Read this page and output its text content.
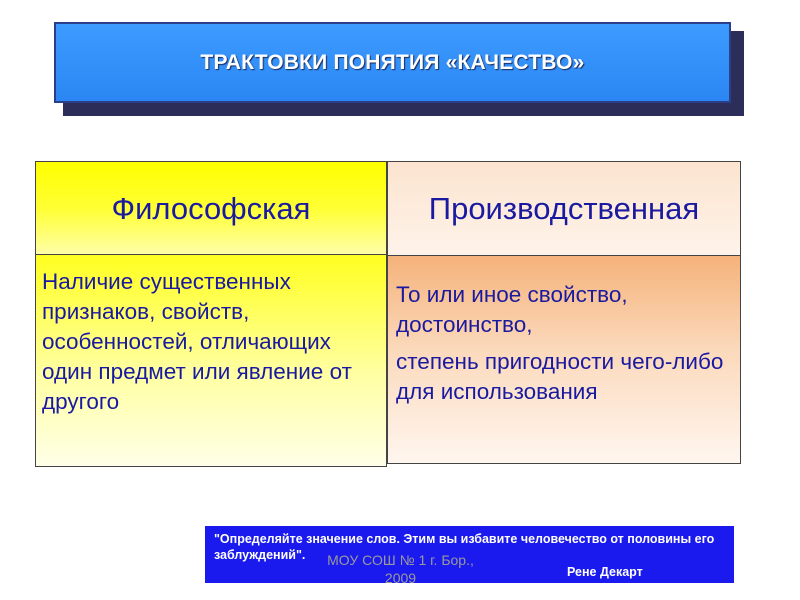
ТРАКТОВКИ ПОНЯТИЯ «КАЧЕСТВО»
Философская
Наличие существенных признаков, свойств, особенностей, отличающих один предмет или явление от другого
Производственная
То или иное свойство, достоинство,
степень пригодности чего-либо для использования
МОУ СОШ № 1 г. Бор.,
2009
"Определяйте значение слов. Этим вы избавите человечество от половины его заблуждений".
Рене Декарт
